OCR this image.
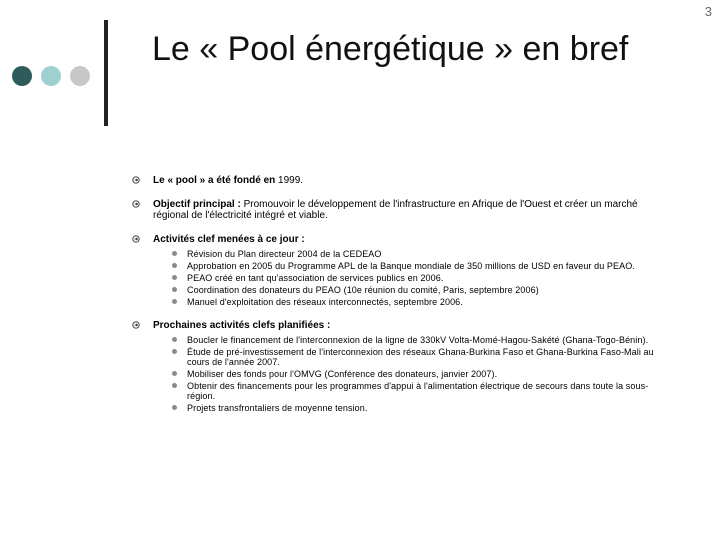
3
Le « Pool énergétique » en bref
Le « pool » a été fondé en 1999.
Objectif principal : Promouvoir le développement de l'infrastructure en Afrique de l'Ouest et créer un marché régional de l'électricité intégré et viable.
Activités clef menées à ce jour :
Révision du Plan directeur 2004 de la CEDEAO
Approbation en 2005 du Programme APL de la Banque mondiale de 350 millions de USD en faveur du PEAO.
PEAO créé en tant qu'association de services publics en 2006.
Coordination des donateurs du PEAO (10e réunion du comité, Paris, septembre 2006)
Manuel d'exploitation des réseaux interconnectés, septembre 2006.
Prochaines activités clefs planifiées :
Boucler le financement de l'interconnexion de la ligne de 330kV Volta-Momé-Hagou-Sakété (Ghana-Togo-Bénin).
Étude de pré-investissement de l'interconnexion des réseaux Ghana-Burkina Faso et Ghana-Burkina Faso-Mali au cours de l'année 2007.
Mobiliser des fonds pour l'OMVG (Conférence des donateurs, janvier 2007).
Obtenir des financements pour les programmes d'appui à l'alimentation électrique de secours dans toute la sous-région.
Projets transfrontaliers de moyenne tension.
